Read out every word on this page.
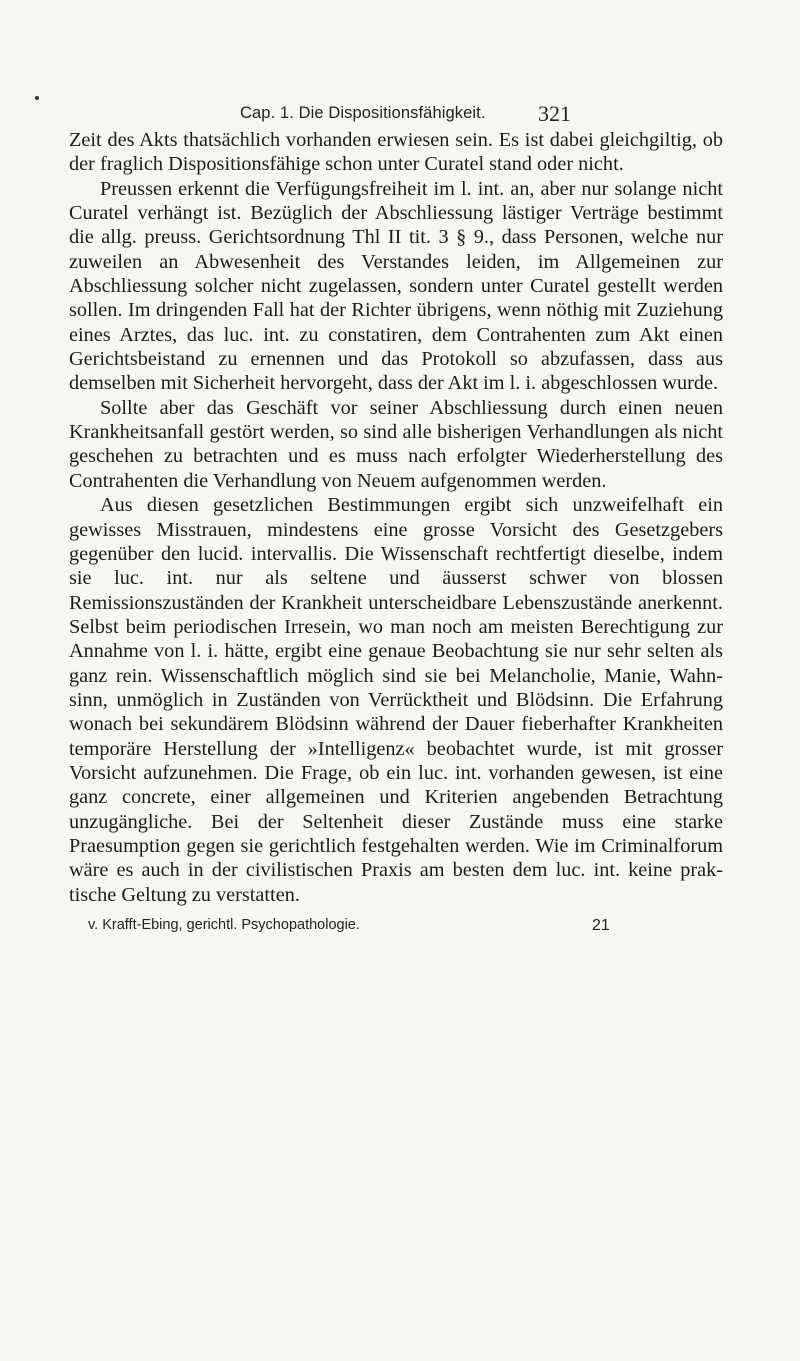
Cap. 1. Die Dispositionsfähigkeit. 321

Zeit des Akts thatsächlich vorhanden erwiesen sein. Es ist dabei gleichgiltig, ob der fraglich Dispositionsfähige schon unter Curatel stand oder nicht.

Preussen erkennt die Verfügungsfreiheit im l. int. an, aber nur solange nicht Curatel verhängt ist. Bezüglich der Abschliessung lästiger Verträge bestimmt die allg. preuss. Gerichtsordnung Thl II tit. 3 § 9., dass Personen, welche nur zuweilen an Abwesenheit des Verstandes leiden, im Allgemeinen zur Abschliessung solcher nicht zugelassen, sondern unter Curatel gestellt werden sollen. Im dringenden Fall hat der Richter übrigens, wenn nöthig mit Zuziehung eines Arztes, das luc. int. zu constatiren, dem Contrahenten zum Akt einen Gerichtsbeistand zu ernennen und das Protokoll so abzufassen, dass aus demselben mit Sicherheit hervorgeht, dass der Akt im l. i. abgeschlossen wurde.

Sollte aber das Geschäft vor seiner Abschliessung durch einen neuen Krankheitsanfall gestört werden, so sind alle bisherigen Verhandlungen als nicht geschehen zu betrachten und es muss nach erfolgter Wiederherstellung des Contrahenten die Verhandlung von Neuem aufgenommen werden.

Aus diesen gesetzlichen Bestimmungen ergibt sich unzweifelhaft ein gewisses Misstrauen, mindestens eine grosse Vorsicht des Gesetzgebers gegenüber den lucid. intervallis. Die Wissenschaft rechtfertigt dieselbe, indem sie luc. int. nur als seltene und äusserst schwer von blossen Remissionszuständen der Krankheit unterscheidbare Lebenszustände anerkennt. Selbst beim periodischen Irresein, wo man noch am meisten Berechtigung zur Annahme von l. i. hätte, ergibt eine genaue Beobachtung sie nur sehr selten als ganz rein. Wissenschaftlich möglich sind sie bei Melancholie, Manie, Wahnsinn, unmöglich in Zuständen von Verrücktheit und Blödsinn. Die Erfahrung wonach bei sekundärem Blödsinn während der Dauer fieberhafter Krankheiten temporäre Herstellung der »Intelligenz« beobachtet wurde, ist mit grosser Vorsicht aufzunehmen. Die Frage, ob ein luc. int. vorhanden gewesen, ist eine ganz concrete, einer allgemeinen und Kriterien angebenden Betrachtung unzugängliche. Bei der Seltenheit dieser Zustände muss eine starke Praesumption gegen sie gerichtlich festgehalten werden. Wie im Criminalforum wäre es auch in der civilistischen Praxis am besten dem luc. int. keine praktische Geltung zu verstatten.

v. Krafft-Ebing, gerichtl. Psychopathologie.	21
